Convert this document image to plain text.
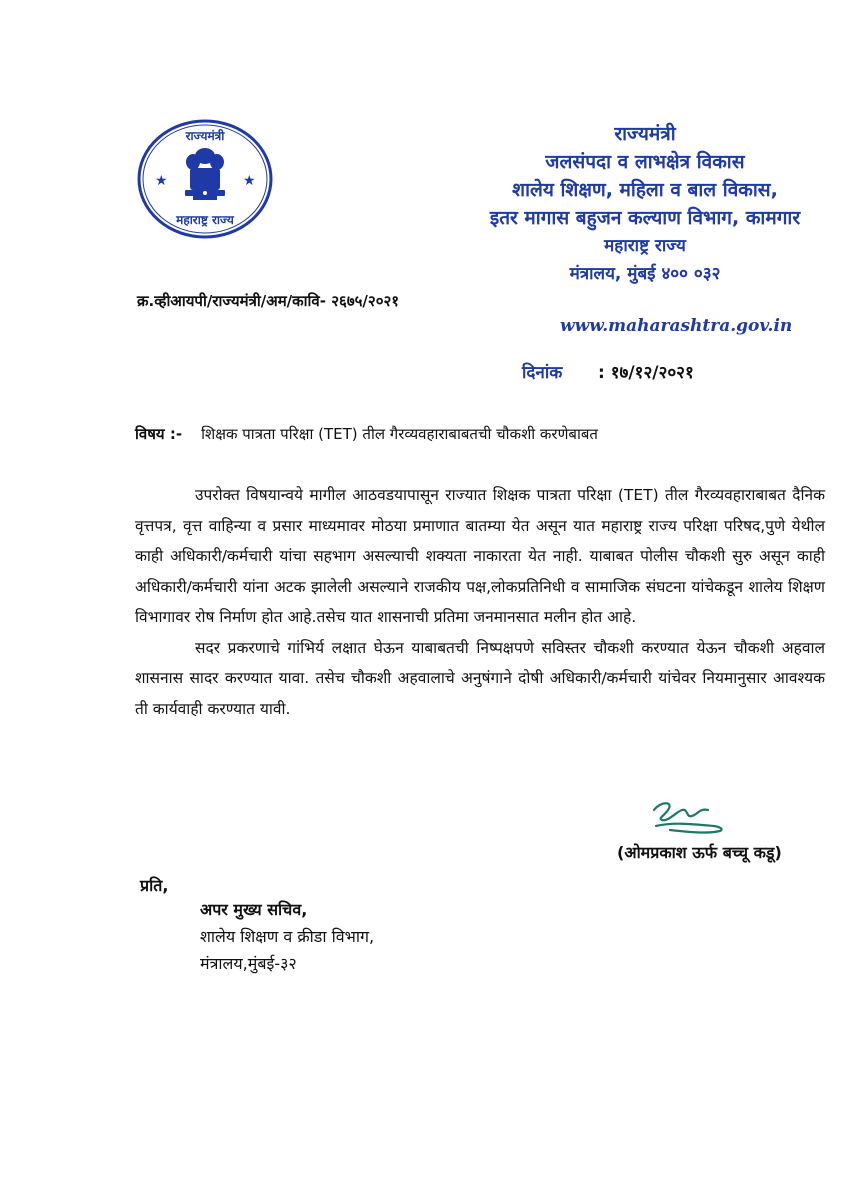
★	★
राज्यमंत्री
महाराष्ट्र राज्य
राज्यमंत्री
जलसंपदा व लाभक्षेत्र विकास
शालेय शिक्षण, महिला व बाल विकास,
इतर मागास बहुजन कल्याण विभाग, कामगार
महाराष्ट्र राज्य
मंत्रालय, मुंबई ४०० ०३२
www.maharashtra.gov.in
क्र.व्हीआयपी/राज्यमंत्री/अम/कावि- २६७५/२०२१
दिनांक : १७/१२/२०२१
विषय :- शिक्षक पात्रता परिक्षा (TET) तील गैरव्यवहाराबाबतची चौकशी करणेबाबत

उपरोक्त विषयान्वये मागील आठवडयापासून राज्यात शिक्षक पात्रता परिक्षा (TET) तील गैरव्यवहाराबाबत दैनिक वृत्तपत्र, वृत्त वाहिन्या व प्रसार माध्यमावर मोठया प्रमाणात बातम्या येत असून यात महाराष्ट्र राज्य परिक्षा परिषद,पुणे येथील काही अधिकारी/कर्मचारी यांचा सहभाग असल्याची शक्यता नाकारता येत नाही. याबाबत पोलीस चौकशी सुरु असून काही अधिकारी/कर्मचारी यांना अटक झालेली असल्याने राजकीय पक्ष,लोकप्रतिनिधी व सामाजिक संघटना यांचेकडून शालेय शिक्षण विभागावर रोष निर्माण होत आहे.तसेच यात शासनाची प्रतिमा जनमानसात मलीन होत आहे.

सदर प्रकरणाचे गांभिर्य लक्षात घेऊन याबाबतची निष्पक्षपणे सविस्तर चौकशी करण्यात येऊन चौकशी अहवाल शासनास सादर करण्यात यावा. तसेच चौकशी अहवालाचे अनुषंगाने दोषी अधिकारी/कर्मचारी यांचेवर नियमानुसार आवश्यक ती कार्यवाही करण्यात यावी.

(ओमप्रकाश ऊर्फ बच्चू कडू)
प्रति,
अपर मुख्य सचिव,
शालेय शिक्षण व क्रीडा विभाग,
मंत्रालय,मुंबई-३२
